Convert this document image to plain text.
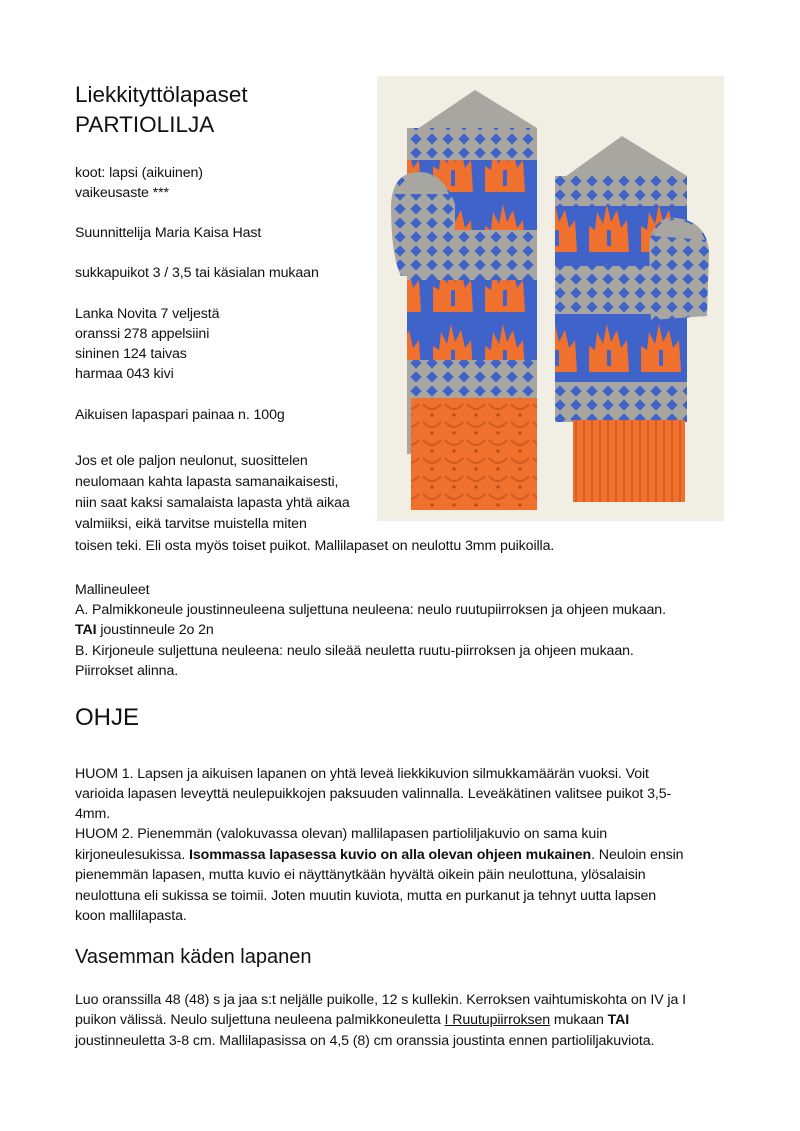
Liekkityttölapaset
PARTIOLILJA
koot: lapsi (aikuinen)
vaikeusaste ***
Suunnittelija Maria Kaisa Hast
sukkapuikot 3 / 3,5 tai käsialan mukaan
Lanka Novita 7 veljestä
oranssi 278 appelsiini
sininen 124 taivas
harmaa 043 kivi
Aikuisen lapaspari painaa n. 100g
Jos et ole paljon neulonut, suosittelen
neulomaan kahta lapasta samanaikaisesti,
niin saat kaksi samalaista lapasta yhtä aikaa
valmiiksi, eikä tarvitse muistella miten
toisen teki. Eli osta myös toiset puikot. Mallilapaset on neulottu 3mm puikoilla.
Mallineuleet
A. Palmikkoneule joustinneuleena suljettuna neuleena: neulo ruutupiirroksen ja ohjeen mukaan.
TAI joustinneule 2o 2n
B. Kirjoneule suljettuna neuleena: neulo sileää neuletta ruutu-piirroksen ja ohjeen mukaan.
Piirrokset alinna.
OHJE
HUOM 1. Lapsen ja aikuisen lapanen on yhtä leveä liekkikuvion silmukkamäärän vuoksi. Voit
varioida lapasen leveyttä neulepuikkojen paksuuden valinnalla. Leveäkätinen valitsee puikot 3,5-
4mm.
HUOM 2. Pienemmän (valokuvassa olevan) mallilapasen partioliljakuvio on sama kuin
kirjoneulesukissa. Isommassa lapasessa kuvio on alla olevan ohjeen mukainen. Neuloin ensin
pienemmän lapasen, mutta kuvio ei näyttänytkään hyvältä oikein päin neulottuna, ylösalaisin
neulottuna eli sukissa se toimii. Joten muutin kuviota, mutta en purkanut ja tehnyt uutta lapsen
koon mallilapasta.
Vasemman käden lapanen
Luo oranssilla 48 (48) s ja jaa s:t neljälle puikolle, 12 s kullekin. Kerroksen vaihtumiskohta on IV ja I
puikon välissä. Neulo suljettuna neuleena palmikkoneuletta I Ruutupiirroksen mukaan TAI
joustinneuletta 3-8 cm. Mallilapasissa on 4,5 (8) cm oranssia joustinta ennen partioliljakuviota.
